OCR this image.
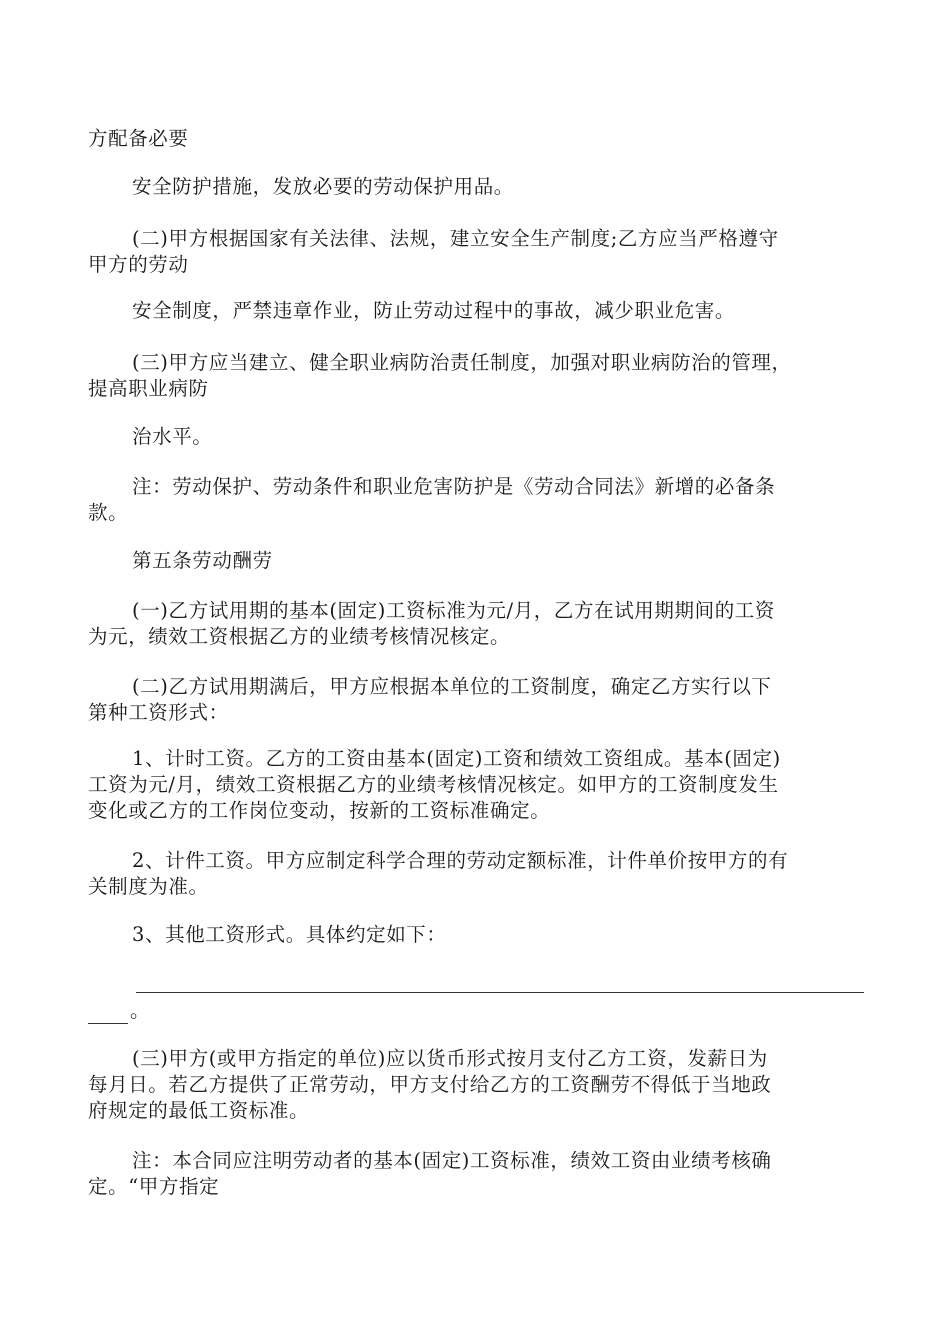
方配备必要

安全防护措施，发放必要的劳动保护用品。

(二)甲方根据国家有关法律、法规，建立安全生产制度;乙方应当严格遵守
甲方的劳动

安全制度，严禁违章作业，防止劳动过程中的事故，减少职业危害。

(三)甲方应当建立、健全职业病防治责任制度，加强对职业病防治的管理，
提高职业病防

治水平。

注：劳动保护、劳动条件和职业危害防护是《劳动合同法》新增的必备条
款。

第五条劳动酬劳

(一)乙方试用期的基本(固定)工资标准为元/月，乙方在试用期期间的工资
为元，绩效工资根据乙方的业绩考核情况核定。

(二)乙方试用期满后，甲方应根据本单位的工资制度，确定乙方实行以下
第种工资形式：

1、计时工资。乙方的工资由基本(固定)工资和绩效工资组成。基本(固定)
工资为元/月，绩效工资根据乙方的业绩考核情况核定。如甲方的工资制度发生
变化或乙方的工作岗位变动，按新的工资标准确定。

2、计件工资。甲方应制定科学合理的劳动定额标准，计件单价按甲方的有
关制度为准。

3、其他工资形式。具体约定如下：

。

(三)甲方(或甲方指定的单位)应以货币形式按月支付乙方工资，发薪日为
每月日。若乙方提供了正常劳动，甲方支付给乙方的工资酬劳不得低于当地政
府规定的最低工资标准。

注：本合同应注明劳动者的基本(固定)工资标准，绩效工资由业绩考核确
定。“甲方指定
